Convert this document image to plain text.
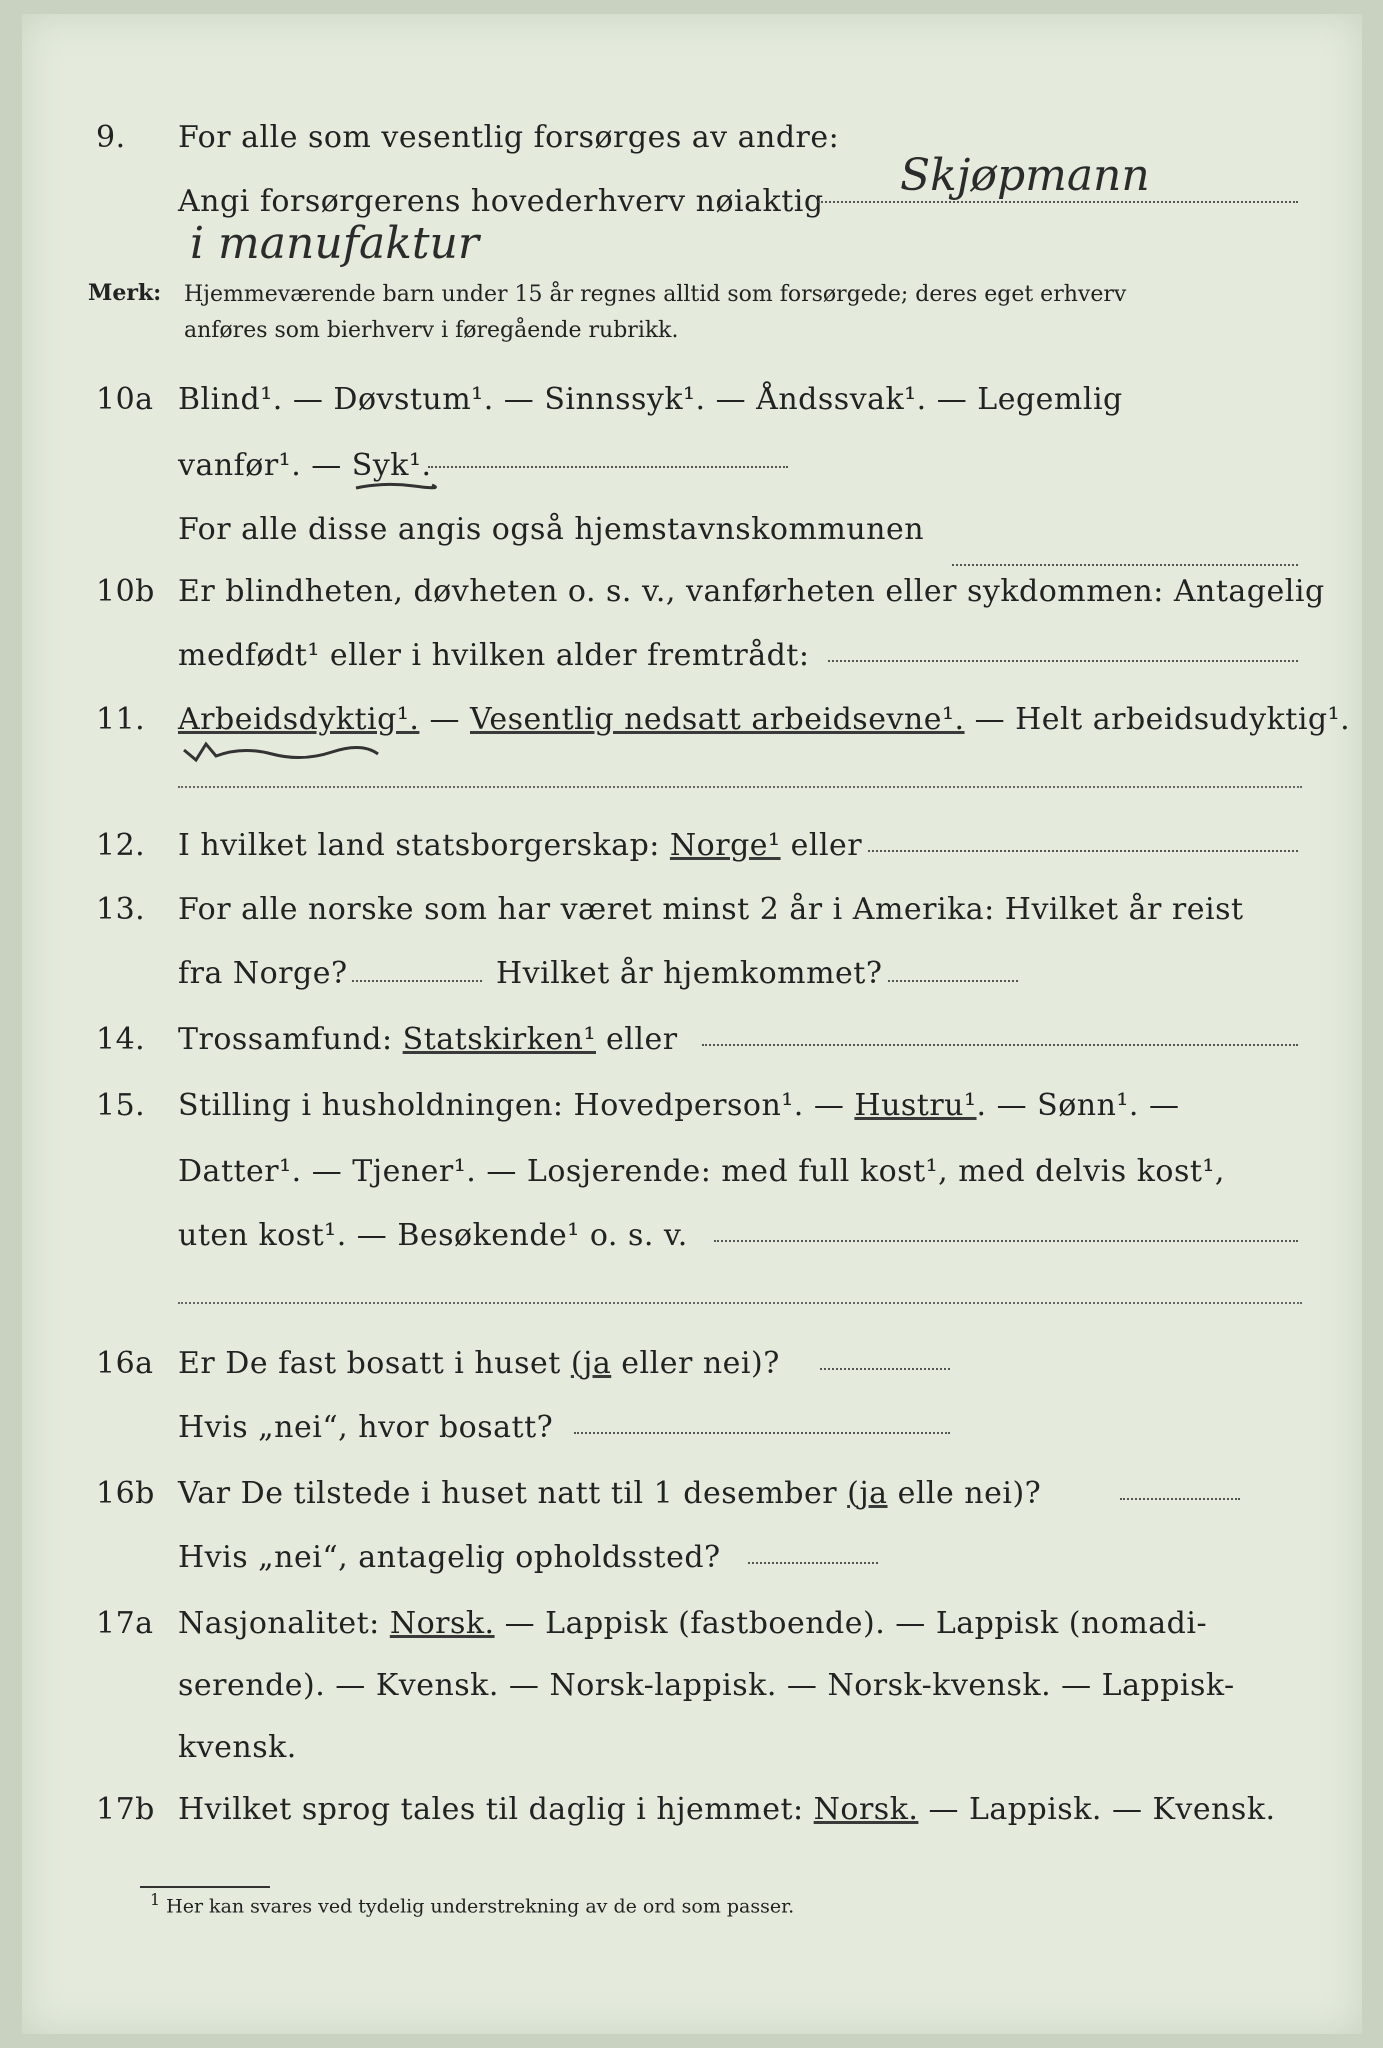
9.	For alle som vesentlig forsørges av andre:
Angi forsørgerens hovederhverv nøiaktig
Skjøpmann
i manufaktur
Merk: Hjemmeværende barn under 15 år regnes alltid som forsørgede; deres eget erhverv
anføres som bierhverv i føregående rubrikk.
10a Blind¹. — Døvstum¹. — Sinnssyk¹. — Åndssvak¹. — Legemlig
vanfør¹. — Syk¹.
For alle disse angis også hjemstavnskommunen
10b Er blindheten, døvheten o. s. v., vanførheten eller sykdommen: Antagelig
medfødt¹ eller i hvilken alder fremtrådt:
11.	Arbeidsdyktig¹. — Vesentlig nedsatt arbeidsevne¹. — Helt arbeidsudyktig¹.
12.	I hvilket land statsborgerskap: Norge¹ eller
13.	For alle norske som har været minst 2 år i Amerika: Hvilket år reist
fra Norge?	Hvilket år hjemkommet?
14.	Trossamfund: Statskirken¹ eller
15.	Stilling i husholdningen: Hovedperson¹. — Hustru¹. — Sønn¹. —
Datter¹. — Tjener¹. — Losjerende: med full kost¹, med delvis kost¹,
uten kost¹. — Besøkende¹ o. s. v.
16a Er De fast bosatt i huset (ja eller nei)?
Hvis „nei“, hvor bosatt?
16b Var De tilstede i huset natt til 1 desember (ja elle nei)?
Hvis „nei“, antagelig opholdssted?
17a Nasjonalitet: Norsk. — Lappisk (fastboende). — Lappisk (nomadi-
serende). — Kvensk. — Norsk-lappisk. — Norsk-kvensk. — Lappisk-
kvensk.
17b Hvilket sprog tales til daglig i hjemmet: Norsk. — Lappisk. — Kvensk.
$^1$ Her kan svares ved tydelig understrekning av de ord som passer.
